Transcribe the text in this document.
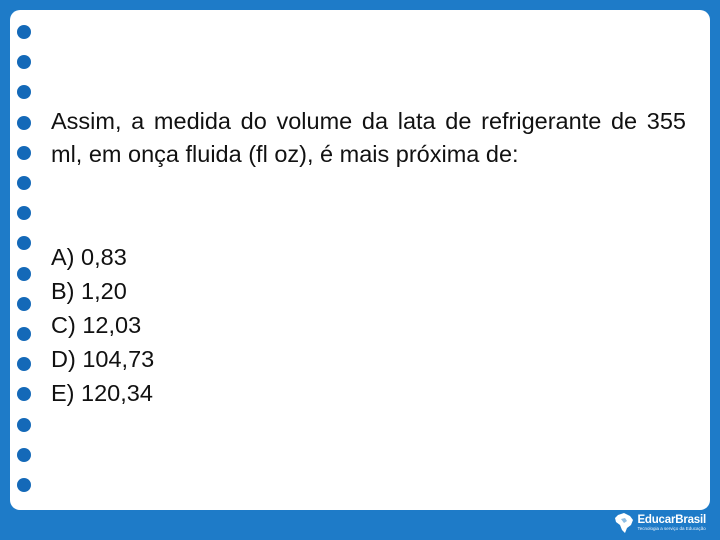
Assim, a medida do volume da lata de refrigerante de 355 ml, em onça fluida (fl oz), é mais próxima de:

A) 0,83
B) 1,20
C) 12,03
D) 104,73
E) 120,34
EducarBrasil
Tecnologia a serviço da Educação
